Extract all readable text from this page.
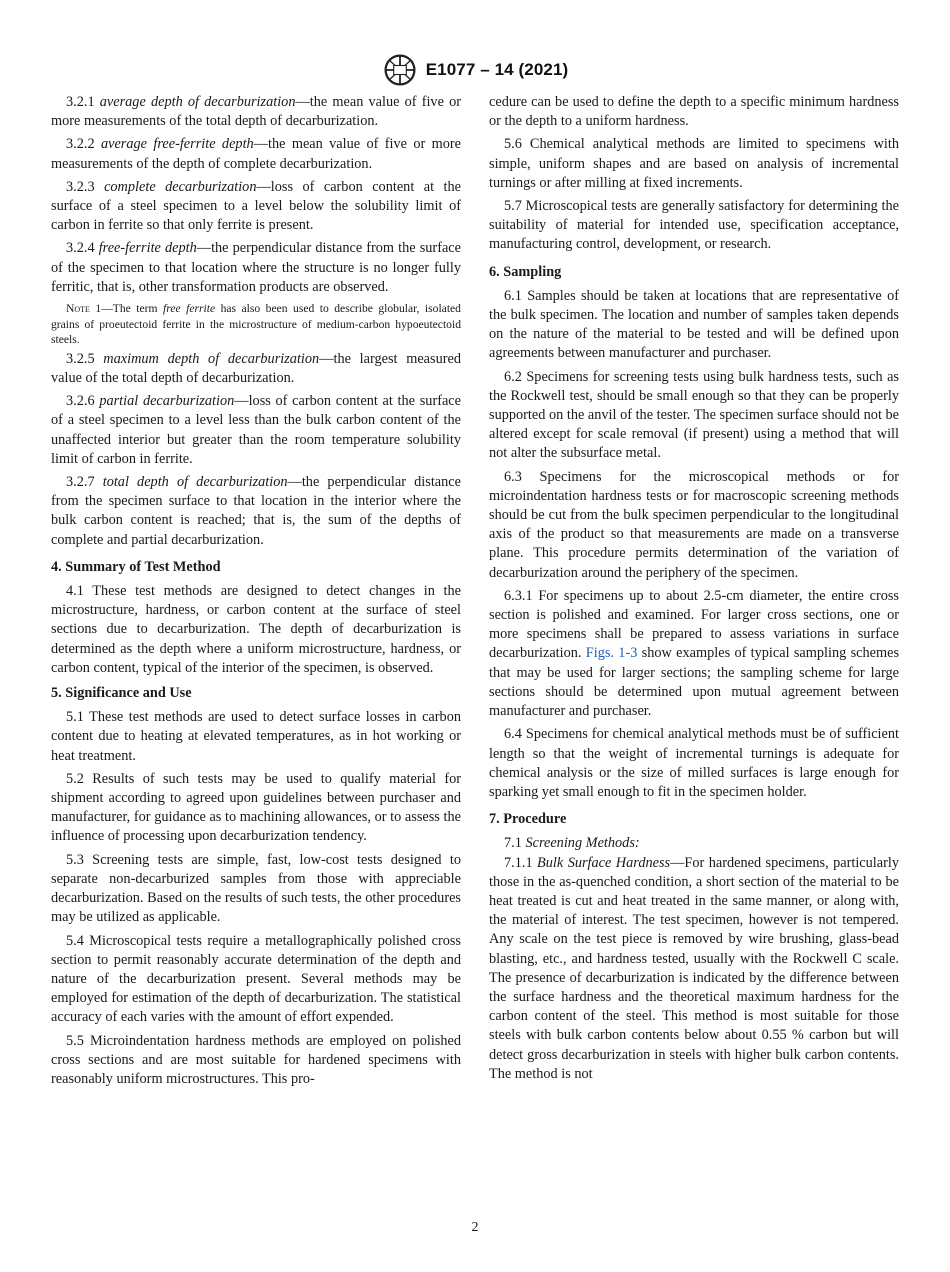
E1077 – 14 (2021)

3.2.1 average depth of decarburization—the mean value of five or more measurements of the total depth of decarburization.

3.2.2 average free-ferrite depth—the mean value of five or more measurements of the depth of complete decarburization.

3.2.3 complete decarburization—loss of carbon content at the surface of a steel specimen to a level below the solubility limit of carbon in ferrite so that only ferrite is present.

3.2.4 free-ferrite depth—the perpendicular distance from the surface of the specimen to that location where the structure is no longer fully ferritic, that is, other transformation products are observed.

Note 1—The term free ferrite has also been used to describe globular, isolated grains of proeutectoid ferrite in the microstructure of medium-carbon hypoeutectoid steels.

3.2.5 maximum depth of decarburization—the largest measured value of the total depth of decarburization.

3.2.6 partial decarburization—loss of carbon content at the surface of a steel specimen to a level less than the bulk carbon content of the unaffected interior but greater than the room temperature solubility limit of carbon in ferrite.

3.2.7 total depth of decarburization—the perpendicular distance from the specimen surface to that location in the interior where the bulk carbon content is reached; that is, the sum of the depths of complete and partial decarburization.

4. Summary of Test Method

4.1 These test methods are designed to detect changes in the microstructure, hardness, or carbon content at the surface of steel sections due to decarburization. The depth of decarburization is determined as the depth where a uniform microstructure, hardness, or carbon content, typical of the interior of the specimen, is observed.

5. Significance and Use

5.1 These test methods are used to detect surface losses in carbon content due to heating at elevated temperatures, as in hot working or heat treatment.

5.2 Results of such tests may be used to qualify material for shipment according to agreed upon guidelines between purchaser and manufacturer, for guidance as to machining allowances, or to assess the influence of processing upon decarburization tendency.

5.3 Screening tests are simple, fast, low-cost tests designed to separate non-decarburized samples from those with appreciable decarburization. Based on the results of such tests, the other procedures may be utilized as applicable.

5.4 Microscopical tests require a metallographically polished cross section to permit reasonably accurate determination of the depth and nature of the decarburization present. Several methods may be employed for estimation of the depth of decarburization. The statistical accuracy of each varies with the amount of effort expended.

5.5 Microindentation hardness methods are employed on polished cross sections and are most suitable for hardened specimens with reasonably uniform microstructures. This pro-

cedure can be used to define the depth to a specific minimum hardness or the depth to a uniform hardness.

5.6 Chemical analytical methods are limited to specimens with simple, uniform shapes and are based on analysis of incremental turnings or after milling at fixed increments.

5.7 Microscopical tests are generally satisfactory for determining the suitability of material for intended use, specification acceptance, manufacturing control, development, or research.

6. Sampling

6.1 Samples should be taken at locations that are representative of the bulk specimen. The location and number of samples taken depends on the nature of the material to be tested and will be defined upon agreements between manufacturer and purchaser.

6.2 Specimens for screening tests using bulk hardness tests, such as the Rockwell test, should be small enough so that they can be properly supported on the anvil of the tester. The specimen surface should not be altered except for scale removal (if present) using a method that will not alter the subsurface metal.

6.3 Specimens for the microscopical methods or for microindentation hardness tests or for macroscopic screening methods should be cut from the bulk specimen perpendicular to the longitudinal axis of the product so that measurements are made on a transverse plane. This procedure permits determination of the variation of decarburization around the periphery of the specimen.

6.3.1 For specimens up to about 2.5-cm diameter, the entire cross section is polished and examined. For larger cross sections, one or more specimens shall be prepared to assess variations in surface decarburization. Figs. 1-3 show examples of typical sampling schemes that may be used for larger sections; the sampling scheme for large sections should be determined upon mutual agreement between manufacturer and purchaser.

6.4 Specimens for chemical analytical methods must be of sufficient length so that the weight of incremental turnings is adequate for chemical analysis or the size of milled surfaces is large enough for sparking yet small enough to fit in the specimen holder.

7. Procedure

7.1 Screening Methods:

7.1.1 Bulk Surface Hardness—For hardened specimens, particularly those in the as-quenched condition, a short section of the material to be heat treated is cut and heat treated in the same manner, or along with, the material of interest. The test specimen, however is not tempered. Any scale on the test piece is removed by wire brushing, glass-bead blasting, etc., and hardness tested, usually with the Rockwell C scale. The presence of decarburization is indicated by the difference between the surface hardness and the theoretical maximum hardness for the carbon content of the steel. This method is most suitable for those steels with bulk carbon contents below about 0.55 % carbon but will detect gross decarburization in steels with higher bulk carbon contents. The method is not

2
